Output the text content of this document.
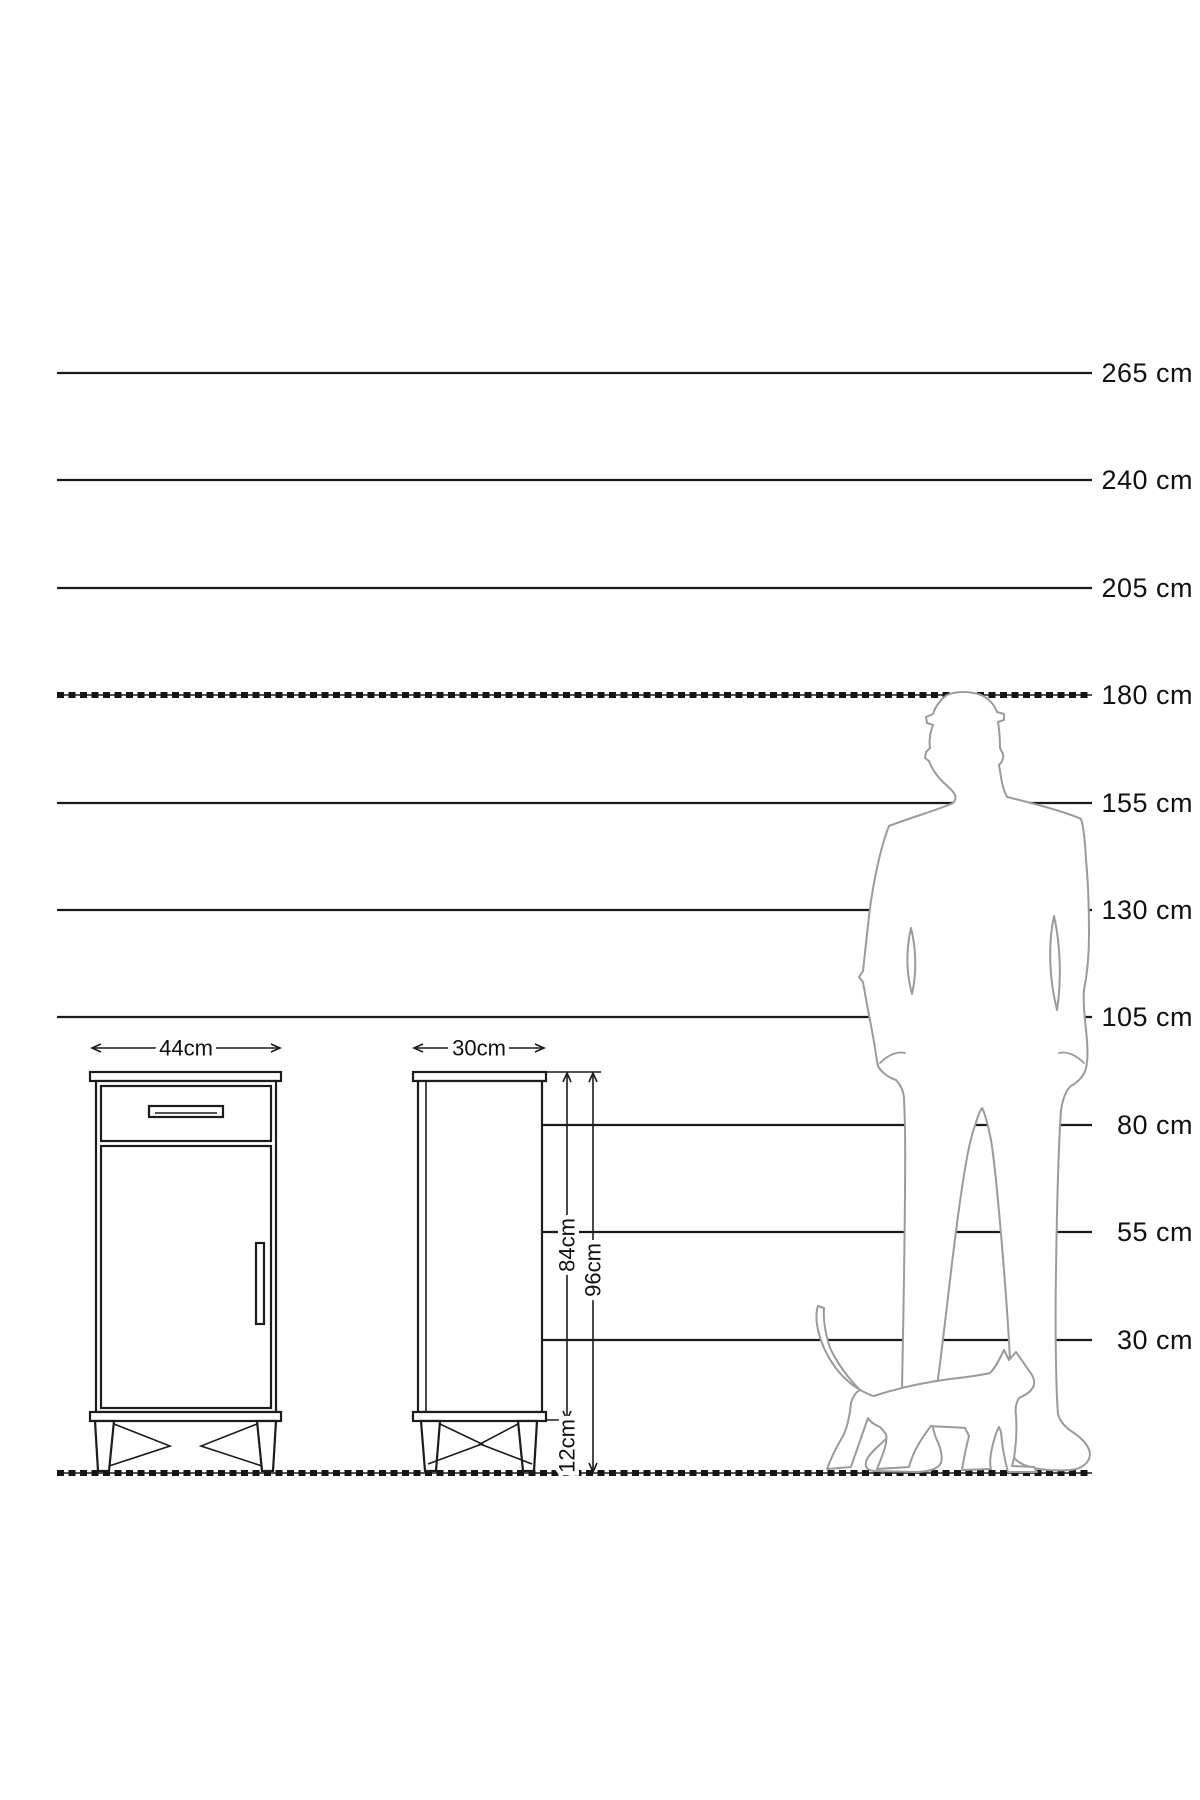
265 cm
240 cm
205 cm
180 cm
155 cm
130 cm
105 cm
80 cm
55 cm
30 cm
44cm	30cm
84cm 96cm
12cm
